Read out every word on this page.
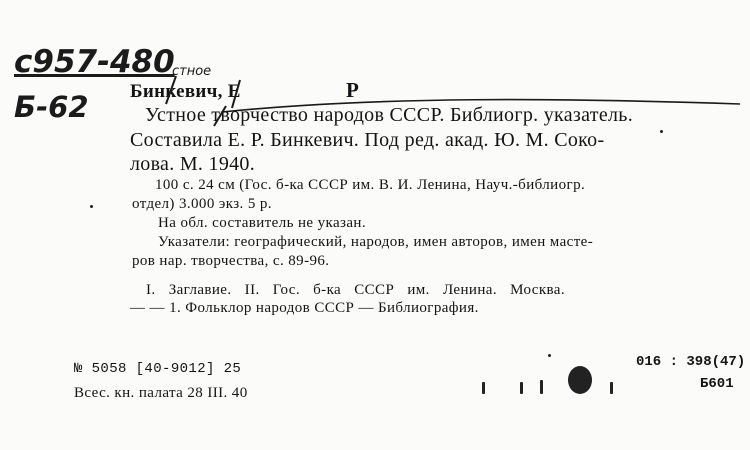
с957-480
стное
Б-62 Бинкевич, Е	Р
Устное творчество народов СССР. Библиогр. указатель.
Составила Е. Р. Бинкевич. Под ред. акад. Ю. М. Соко-
лова. М. 1940.
100 с. 24 см (Гос. б-ка СССР им. В. И. Ленина, Науч.-библиогр.
отдел) 3.000 экз. 5 р.
На обл. составитель не указан.
Указатели: географический, народов, имен авторов, имен масте-
ров нар. творчества, с. 89-96.
I. Заглавие. II. Гос. б-ка СССР им. Ленина. Москва.
— — 1. Фольклор народов СССР — Библиография.
№ 5058 [40-9012] 25
Всес. кн. палата 28 III. 40
016 : 398(47)
Б601
